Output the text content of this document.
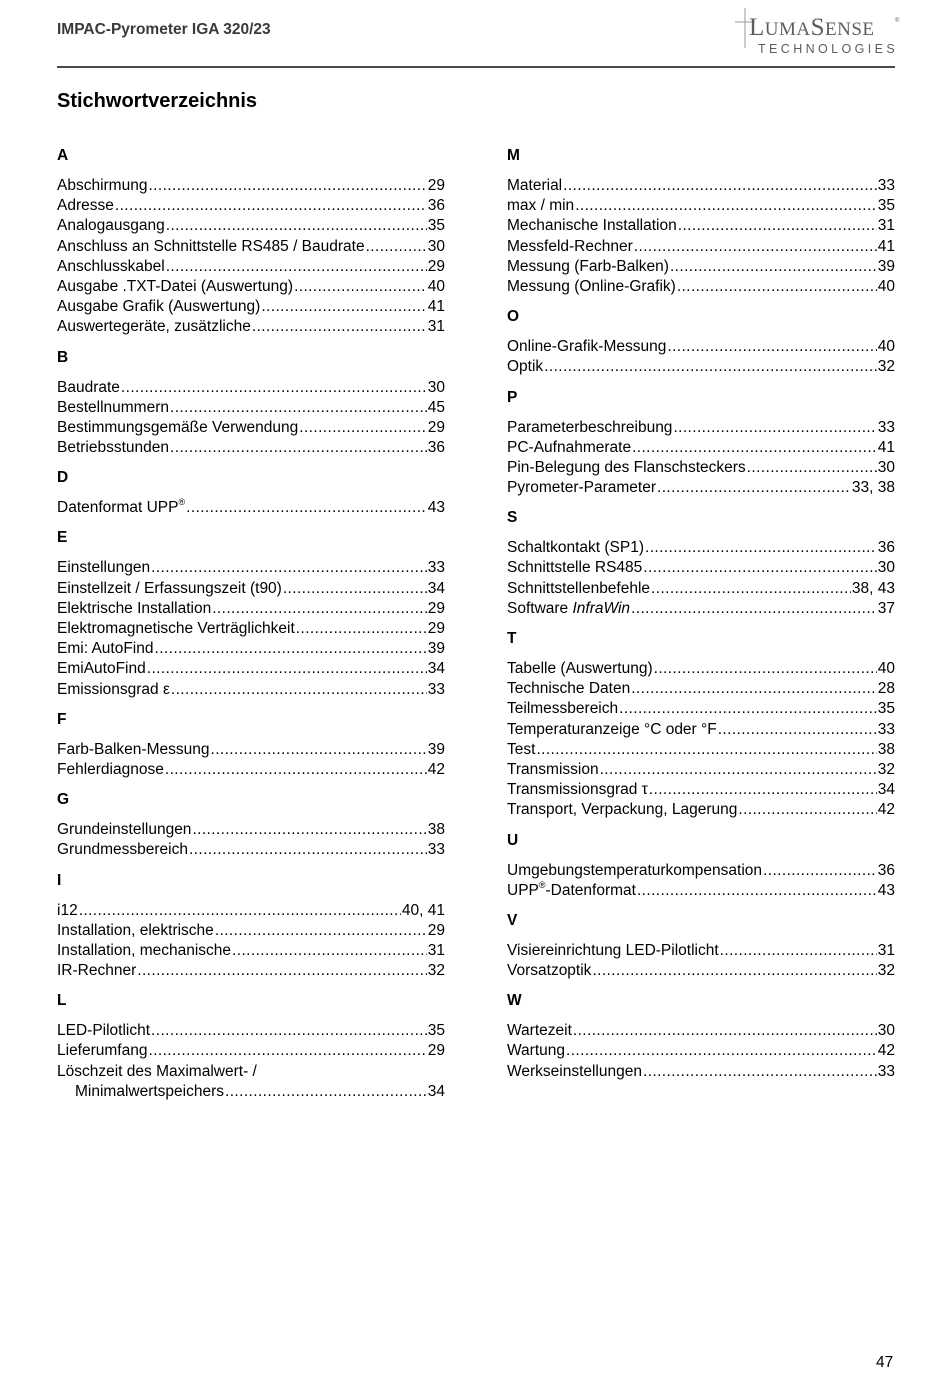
IMPAC-Pyrometer IGA 320/23	LUMASENSE	®
TECHNOLOGIES
Stichwortverzeichnis
A
Abschirmung .....	29
Adresse .....	36
Analogausgang .....	35
Anschluss an Schnittstelle RS485 / Baudrate .....	30
Anschlusskabel .....	29
Ausgabe .TXT-Datei (Auswertung) .....	40
Ausgabe Grafik (Auswertung) .....	41
Auswertegeräte, zusätzliche .....	31
B
Baudrate .....	30
Bestellnummern .....	45
Bestimmungsgemäße Verwendung .....	29
Betriebsstunden .....	36
D
Datenformat UPP® .....	43
E
Einstellungen .....	33
Einstellzeit / Erfassungszeit (t90) .....	34
Elektrische Installation .....	29
Elektromagnetische Verträglichkeit .....	29
Emi: AutoFind .....	39
EmiAutoFind .....	34
Emissionsgrad ε .....	33
F
Farb-Balken-Messung .....	39
Fehlerdiagnose .....	42
G
Grundeinstellungen .....	38
Grundmessbereich .....	33
I
i12 .....	40, 41
Installation, elektrische .....	29
Installation, mechanische .....	31
IR-Rechner .....	32
L
LED-Pilotlicht .....	35
Lieferumfang .....	29
Löschzeit des Maximalwert- /
Minimalwertspeichers .....	34
M
Material .....	33
max / min .....	35
Mechanische Installation .....	31
Messfeld-Rechner .....	41
Messung (Farb-Balken) .....	39
Messung (Online-Grafik) .....	40
O
Online-Grafik-Messung .....	40
Optik .....	32
P
Parameterbeschreibung .....	33
PC-Aufnahmerate .....	41
Pin-Belegung des Flanschsteckers .....	30
Pyrometer-Parameter .....	33, 38
S
Schaltkontakt (SP1) .....	36
Schnittstelle RS485 .....	30
Schnittstellenbefehle .....	38, 43
Software InfraWin .....	37
T
Tabelle (Auswertung) .....	40
Technische Daten .....	28
Teilmessbereich .....	35
Temperaturanzeige °C oder °F .....	33
Test .....	38
Transmission .....	32
Transmissionsgrad τ .....	34
Transport, Verpackung, Lagerung .....	42
U
Umgebungstemperaturkompensation .....	36
UPP®-Datenformat .....	43
V
Visiereinrichtung LED-Pilotlicht .....	31
Vorsatzoptik .....	32
W
Wartezeit .....	30
Wartung .....	42
Werkseinstellungen .....	33
47
